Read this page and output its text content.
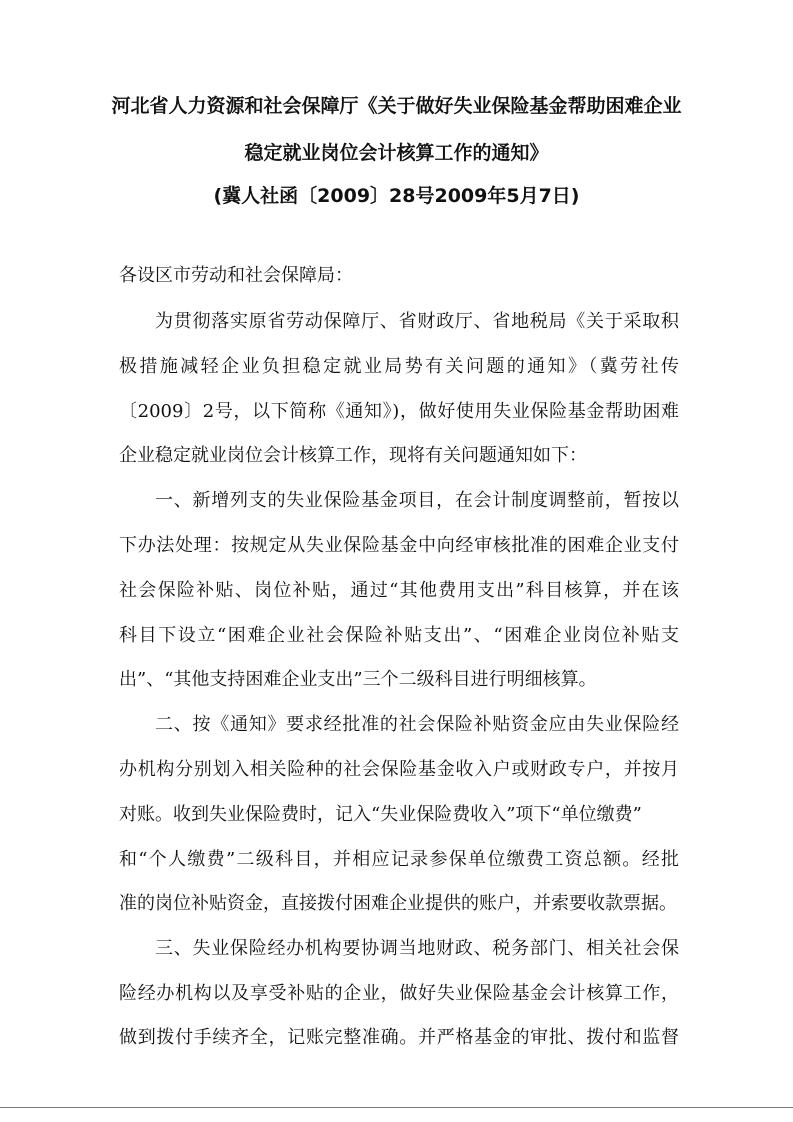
河北省人力资源和社会保障厅《关于做好失业保险基金帮助困难企业
稳定就业岗位会计核算工作的通知》
(冀人社函〔2009〕28号2009年5月7日)
各设区市劳动和社会保障局：
为贯彻落实原省劳动保障厅、省财政厅、省地税局《关于采取积
极措施减轻企业负担稳定就业局势有关问题的通知》（冀劳社传
〔2009〕2号，以下简称《通知》)，做好使用失业保险基金帮助困难
企业稳定就业岗位会计核算工作，现将有关问题通知如下：
一、新增列支的失业保险基金项目，在会计制度调整前，暂按以
下办法处理：按规定从失业保险基金中向经审核批准的困难企业支付
社会保险补贴、岗位补贴，通过“其他费用支出”科目核算，并在该
科目下设立“困难企业社会保险补贴支出”、“困难企业岗位补贴支
出”、“其他支持困难企业支出”三个二级科目进行明细核算。
二、按《通知》要求经批准的社会保险补贴资金应由失业保险经
办机构分别划入相关险种的社会保险基金收入户或财政专户，并按月
对账。收到失业保险费时，记入“失业保险费收入”项下“单位缴费”
和“个人缴费”二级科目，并相应记录参保单位缴费工资总额。经批
准的岗位补贴资金，直接拨付困难企业提供的账户，并索要收款票据。
三、失业保险经办机构要协调当地财政、税务部门、相关社会保
险经办机构以及享受补贴的企业，做好失业保险基金会计核算工作，
做到拨付手续齐全，记账完整准确。并严格基金的审批、拨付和监督
